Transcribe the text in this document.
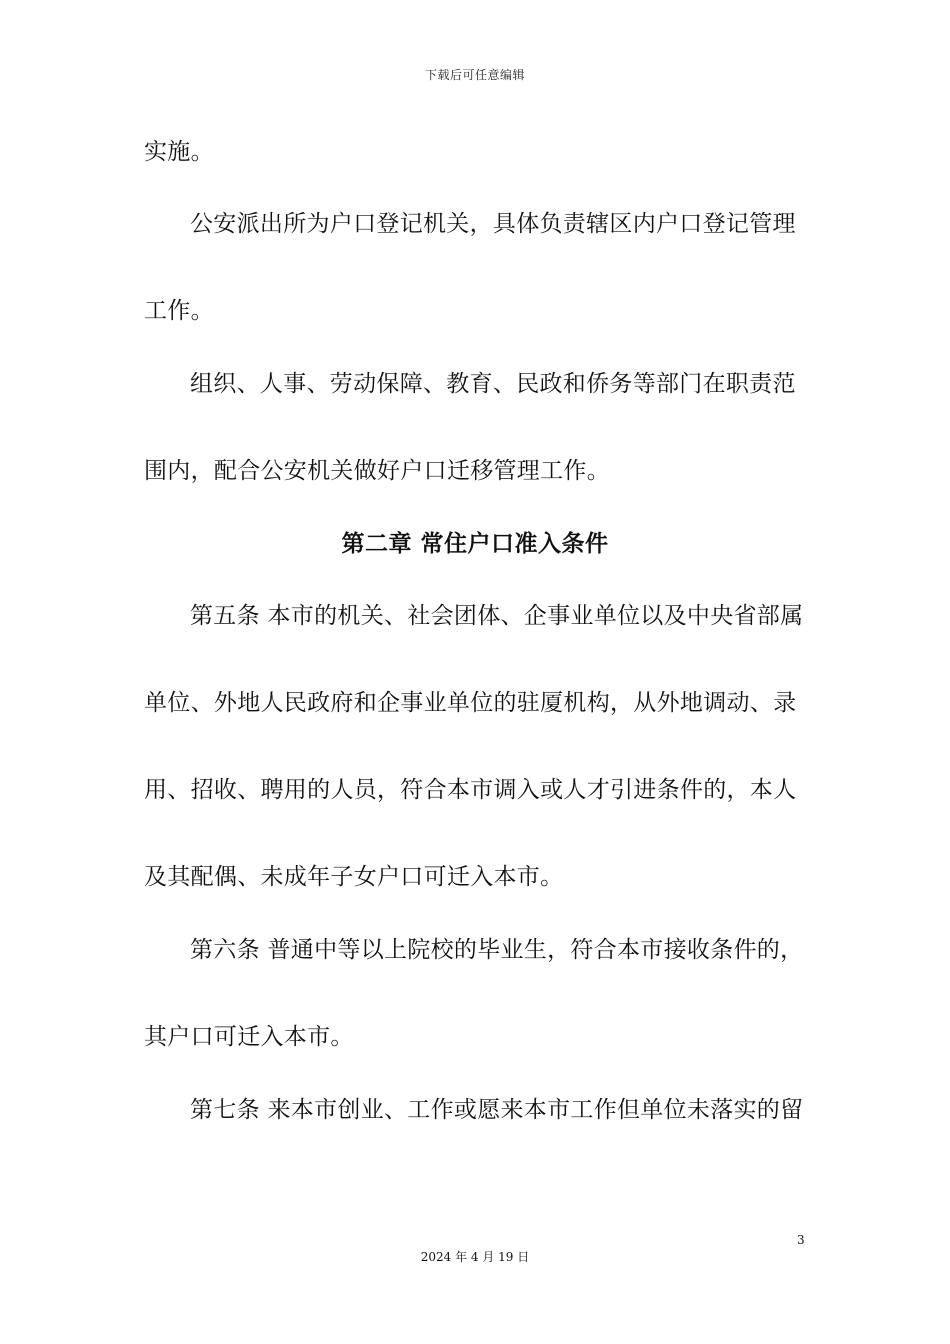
下载后可任意编辑
实施。
公安派出所为户口登记机关，具体负责辖区内户口登记管理
工作。
组织、人事、劳动保障、教育、民政和侨务等部门在职责范
围内，配合公安机关做好户口迁移管理工作。
第二章 常住户口准入条件
第五条 本市的机关、社会团体、企事业单位以及中央省部属
单位、外地人民政府和企事业单位的驻厦机构，从外地调动、录
用、招收、聘用的人员，符合本市调入或人才引进条件的，本人
及其配偶、未成年子女户口可迁入本市。
第六条 普通中等以上院校的毕业生，符合本市接收条件的，
其户口可迁入本市。
第七条 来本市创业、工作或愿来本市工作但单位未落实的留
3
2024 年 4 月 19 日
